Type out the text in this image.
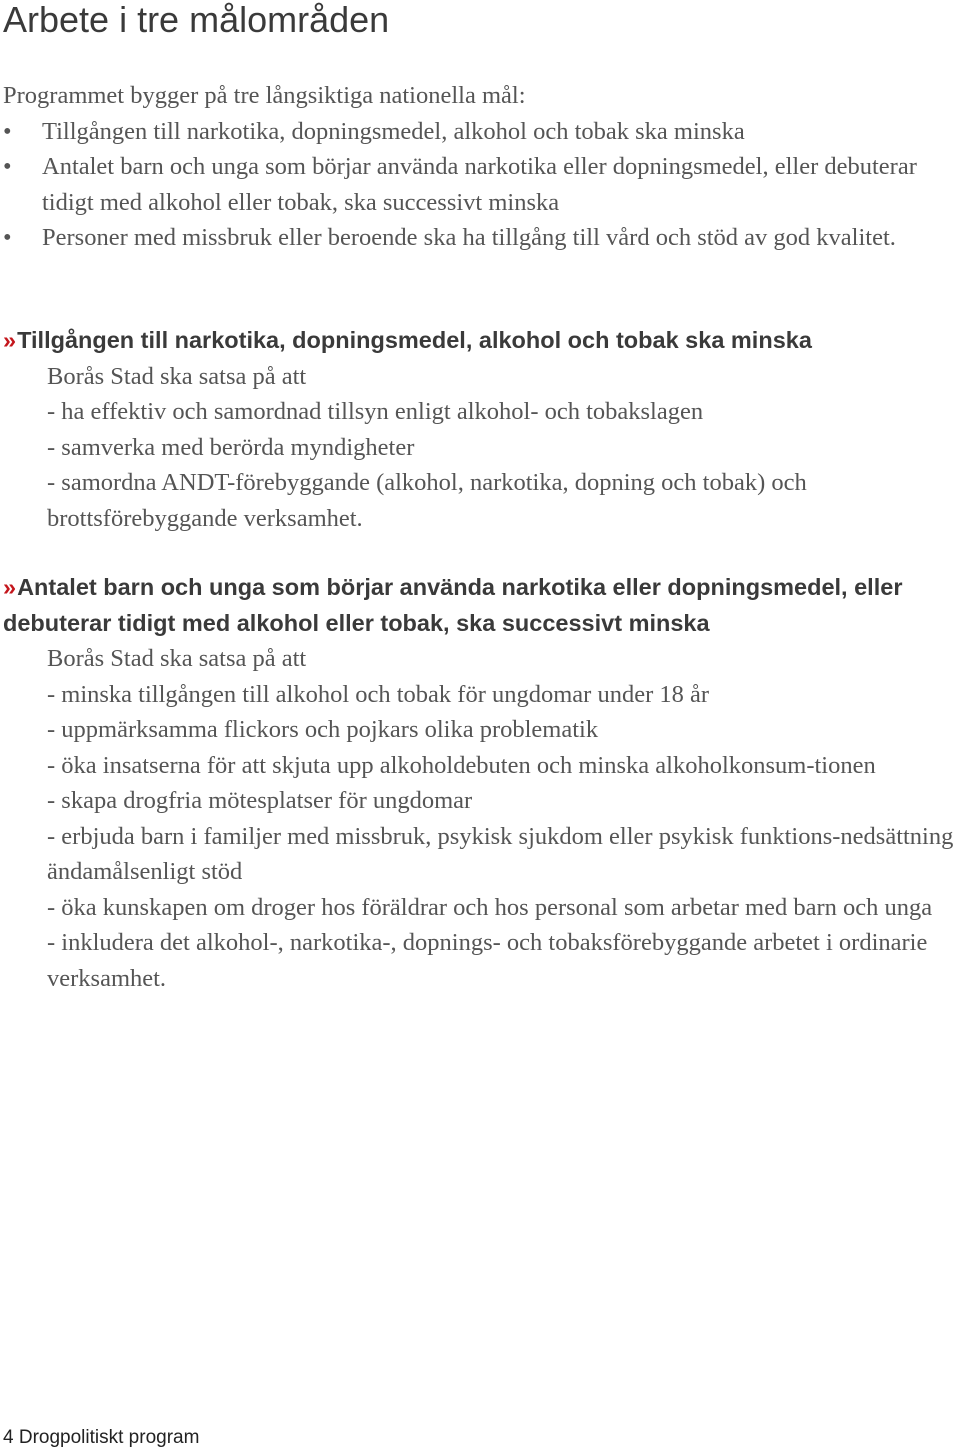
Arbete i tre målområden

Programmet bygger på tre långsiktiga nationella mål:

• Tillgången till narkotika, dopningsmedel, alkohol och tobak ska minska
• Antalet barn och unga som börjar använda narkotika eller dopningsmedel, eller debuterar tidigt med alkohol eller tobak, ska successivt minska
• Personer med missbruk eller beroende ska ha tillgång till vård och stöd av god kvalitet.
»Tillgången till narkotika, dopningsmedel, alkohol och tobak ska minska

Borås Stad ska satsa på att

- ha effektiv och samordnad tillsyn enligt alkohol- och tobakslagen

- samverka med berörda myndigheter

- samordna ANDT-förebyggande (alkohol, narkotika, dopning och tobak) och brottsförebyggande verksamhet.

»Antalet barn och unga som börjar använda narkotika eller dopningsmedel, eller debuterar tidigt med alkohol eller tobak, ska successivt minska

Borås Stad ska satsa på att

- minska tillgången till alkohol och tobak för ungdomar under 18 år

- uppmärksamma flickors och pojkars olika problematik

- öka insatserna för att skjuta upp alkoholdebuten och minska alkoholkonsum-tionen

- skapa drogfria mötesplatser för ungdomar

- erbjuda barn i familjer med missbruk, psykisk sjukdom eller psykisk funktions-nedsättning ändamålsenligt stöd

- öka kunskapen om droger hos föräldrar och hos personal som arbetar med barn och unga

- inkludera det alkohol-, narkotika-, dopnings- och tobaksförebyggande arbetet i ordinarie verksamhet.

4 Drogpolitiskt program
